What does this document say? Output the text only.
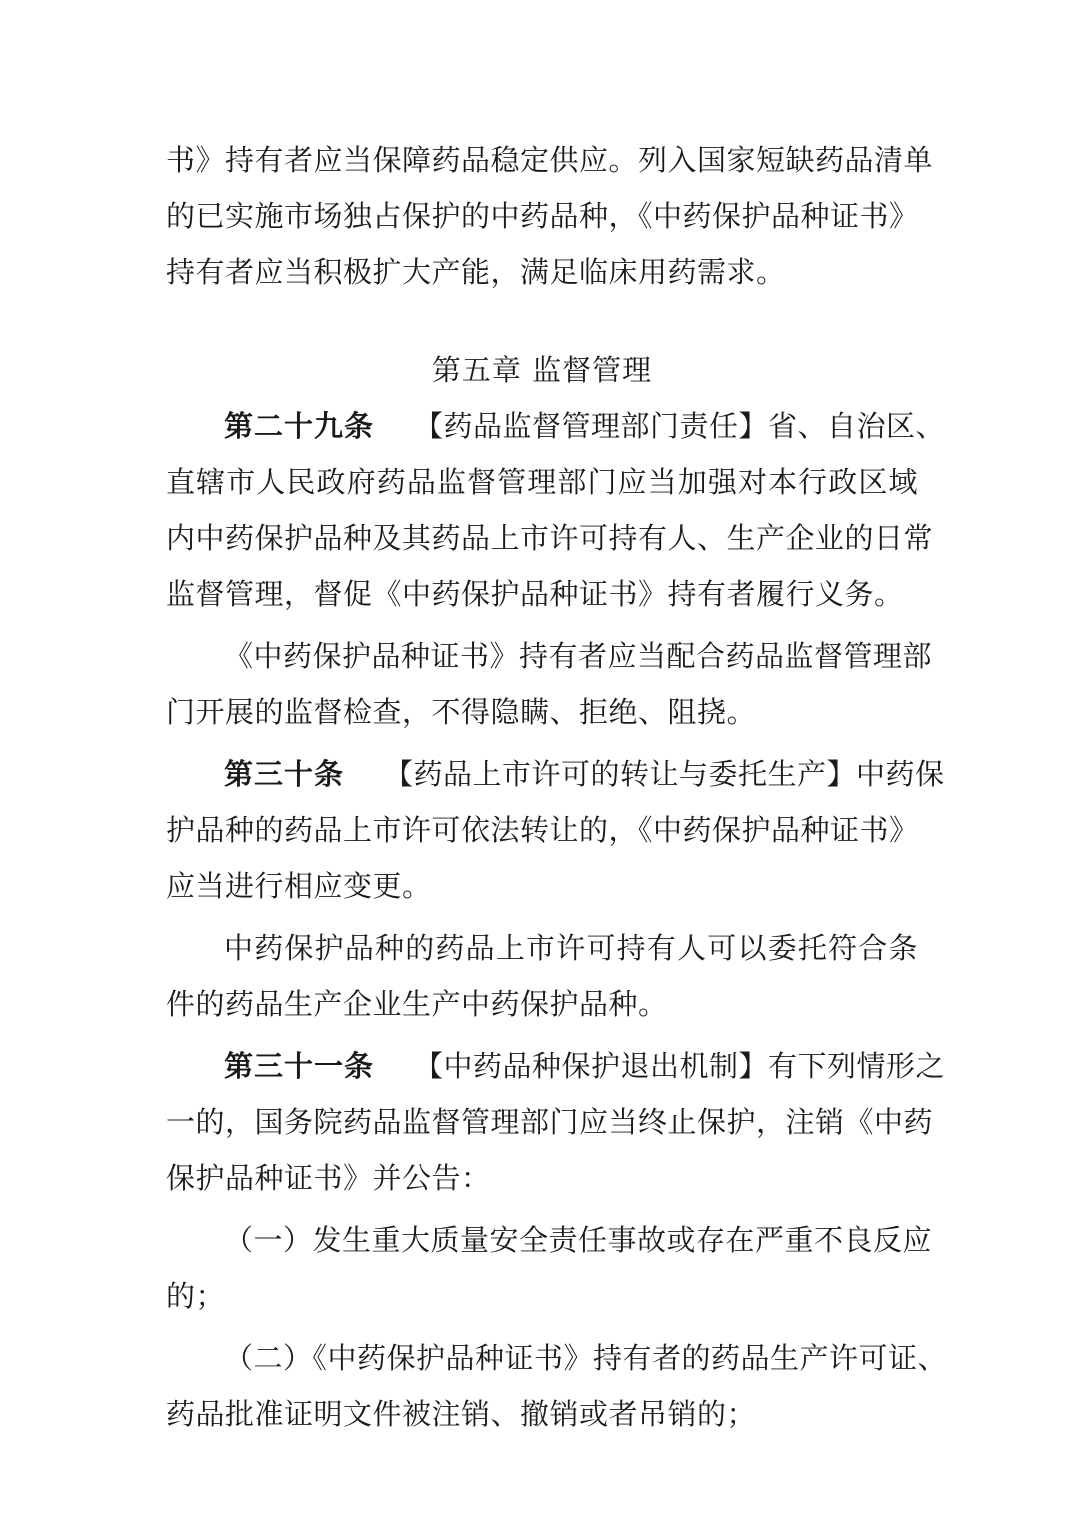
书》持有者应当保障药品稳定供应。列入国家短缺药品清单
的已实施市场独占保护的中药品种，《中药保护品种证书》
持有者应当积极扩大产能，满足临床用药需求。
第五章 监督管理
第二十九条 【药品监督管理部门责任】省、自治区、
直辖市人民政府药品监督管理部门应当加强对本行政区域
内中药保护品种及其药品上市许可持有人、生产企业的日常
监督管理，督促《中药保护品种证书》持有者履行义务。
《中药保护品种证书》持有者应当配合药品监督管理部
门开展的监督检查，不得隐瞒、拒绝、阻挠。
第三十条 【药品上市许可的转让与委托生产】中药保
护品种的药品上市许可依法转让的，《中药保护品种证书》
应当进行相应变更。
中药保护品种的药品上市许可持有人可以委托符合条
件的药品生产企业生产中药保护品种。
第三十一条 【中药品种保护退出机制】有下列情形之
一的，国务院药品监督管理部门应当终止保护，注销《中药
保护品种证书》并公告：
（一）发生重大质量安全责任事故或存在严重不良反应
的；
（二）《中药保护品种证书》持有者的药品生产许可证、
药品批准证明文件被注销、撤销或者吊销的；
